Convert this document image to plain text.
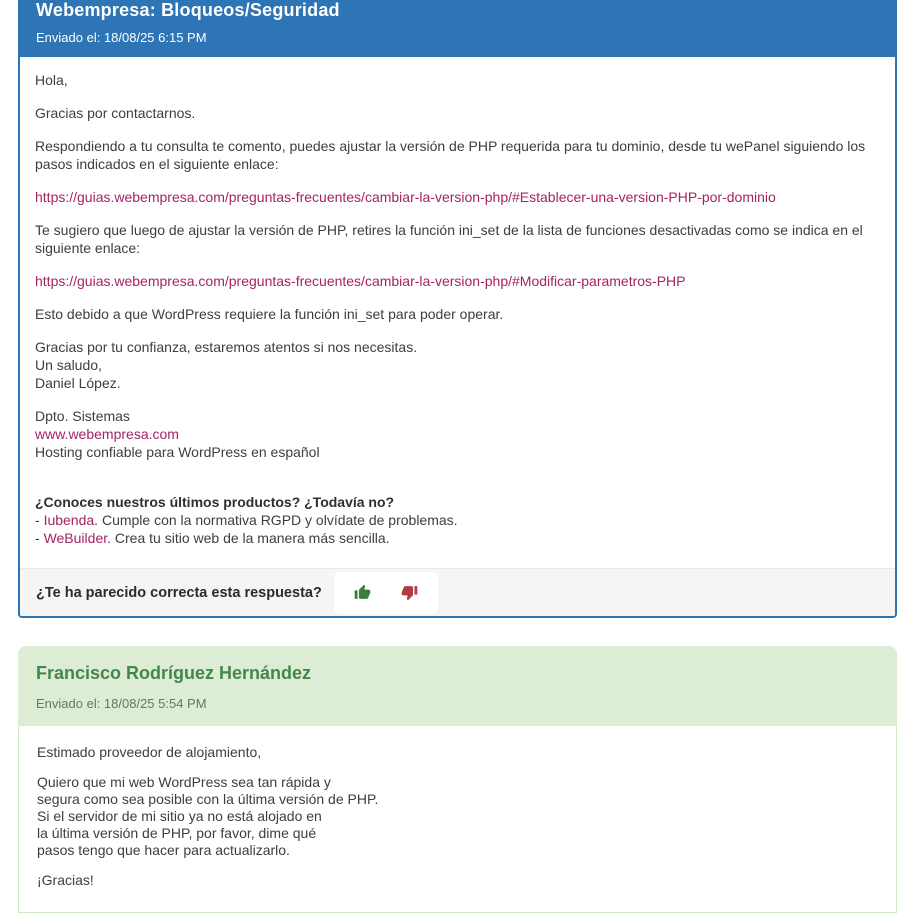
Webempresa: Bloqueos/Seguridad
Enviado el: 18/08/25 6:15 PM

Hola,

Gracias por contactarnos.

Respondiendo a tu consulta te comento, puedes ajustar la versión de PHP requerida para tu dominio, desde tu wePanel siguiendo los pasos indicados en el siguiente enlace:

https://guias.webempresa.com/preguntas-frecuentes/cambiar-la-version-php/#Establecer-una-version-PHP-por-dominio

Te sugiero que luego de ajustar la versión de PHP, retires la función ini_set de la lista de funciones desactivadas como se indica en el siguiente enlace:

https://guias.webempresa.com/preguntas-frecuentes/cambiar-la-version-php/#Modificar-parametros-PHP

Esto debido a que WordPress requiere la función ini_set para poder operar.

Gracias por tu confianza, estaremos atentos si nos necesitas.
Un saludo,
Daniel López.

Dpto. Sistemas
www.webempresa.com
Hosting confiable para WordPress en español

¿Conoces nuestros últimos productos? ¿Todavía no?
- Iubenda. Cumple con la normativa RGPD y olvídate de problemas.
- WeBuilder. Crea tu sitio web de la manera más sencilla.

¿Te ha parecido correcta esta respuesta?
Francisco Rodríguez Hernández
Enviado el: 18/08/25 5:54 PM

Estimado proveedor de alojamiento,

Quiero que mi web WordPress sea tan rápida y
segura como sea posible con la última versión de PHP.
Si el servidor de mi sitio ya no está alojado en
la última versión de PHP, por favor, dime qué
pasos tengo que hacer para actualizarlo.

¡Gracias!
